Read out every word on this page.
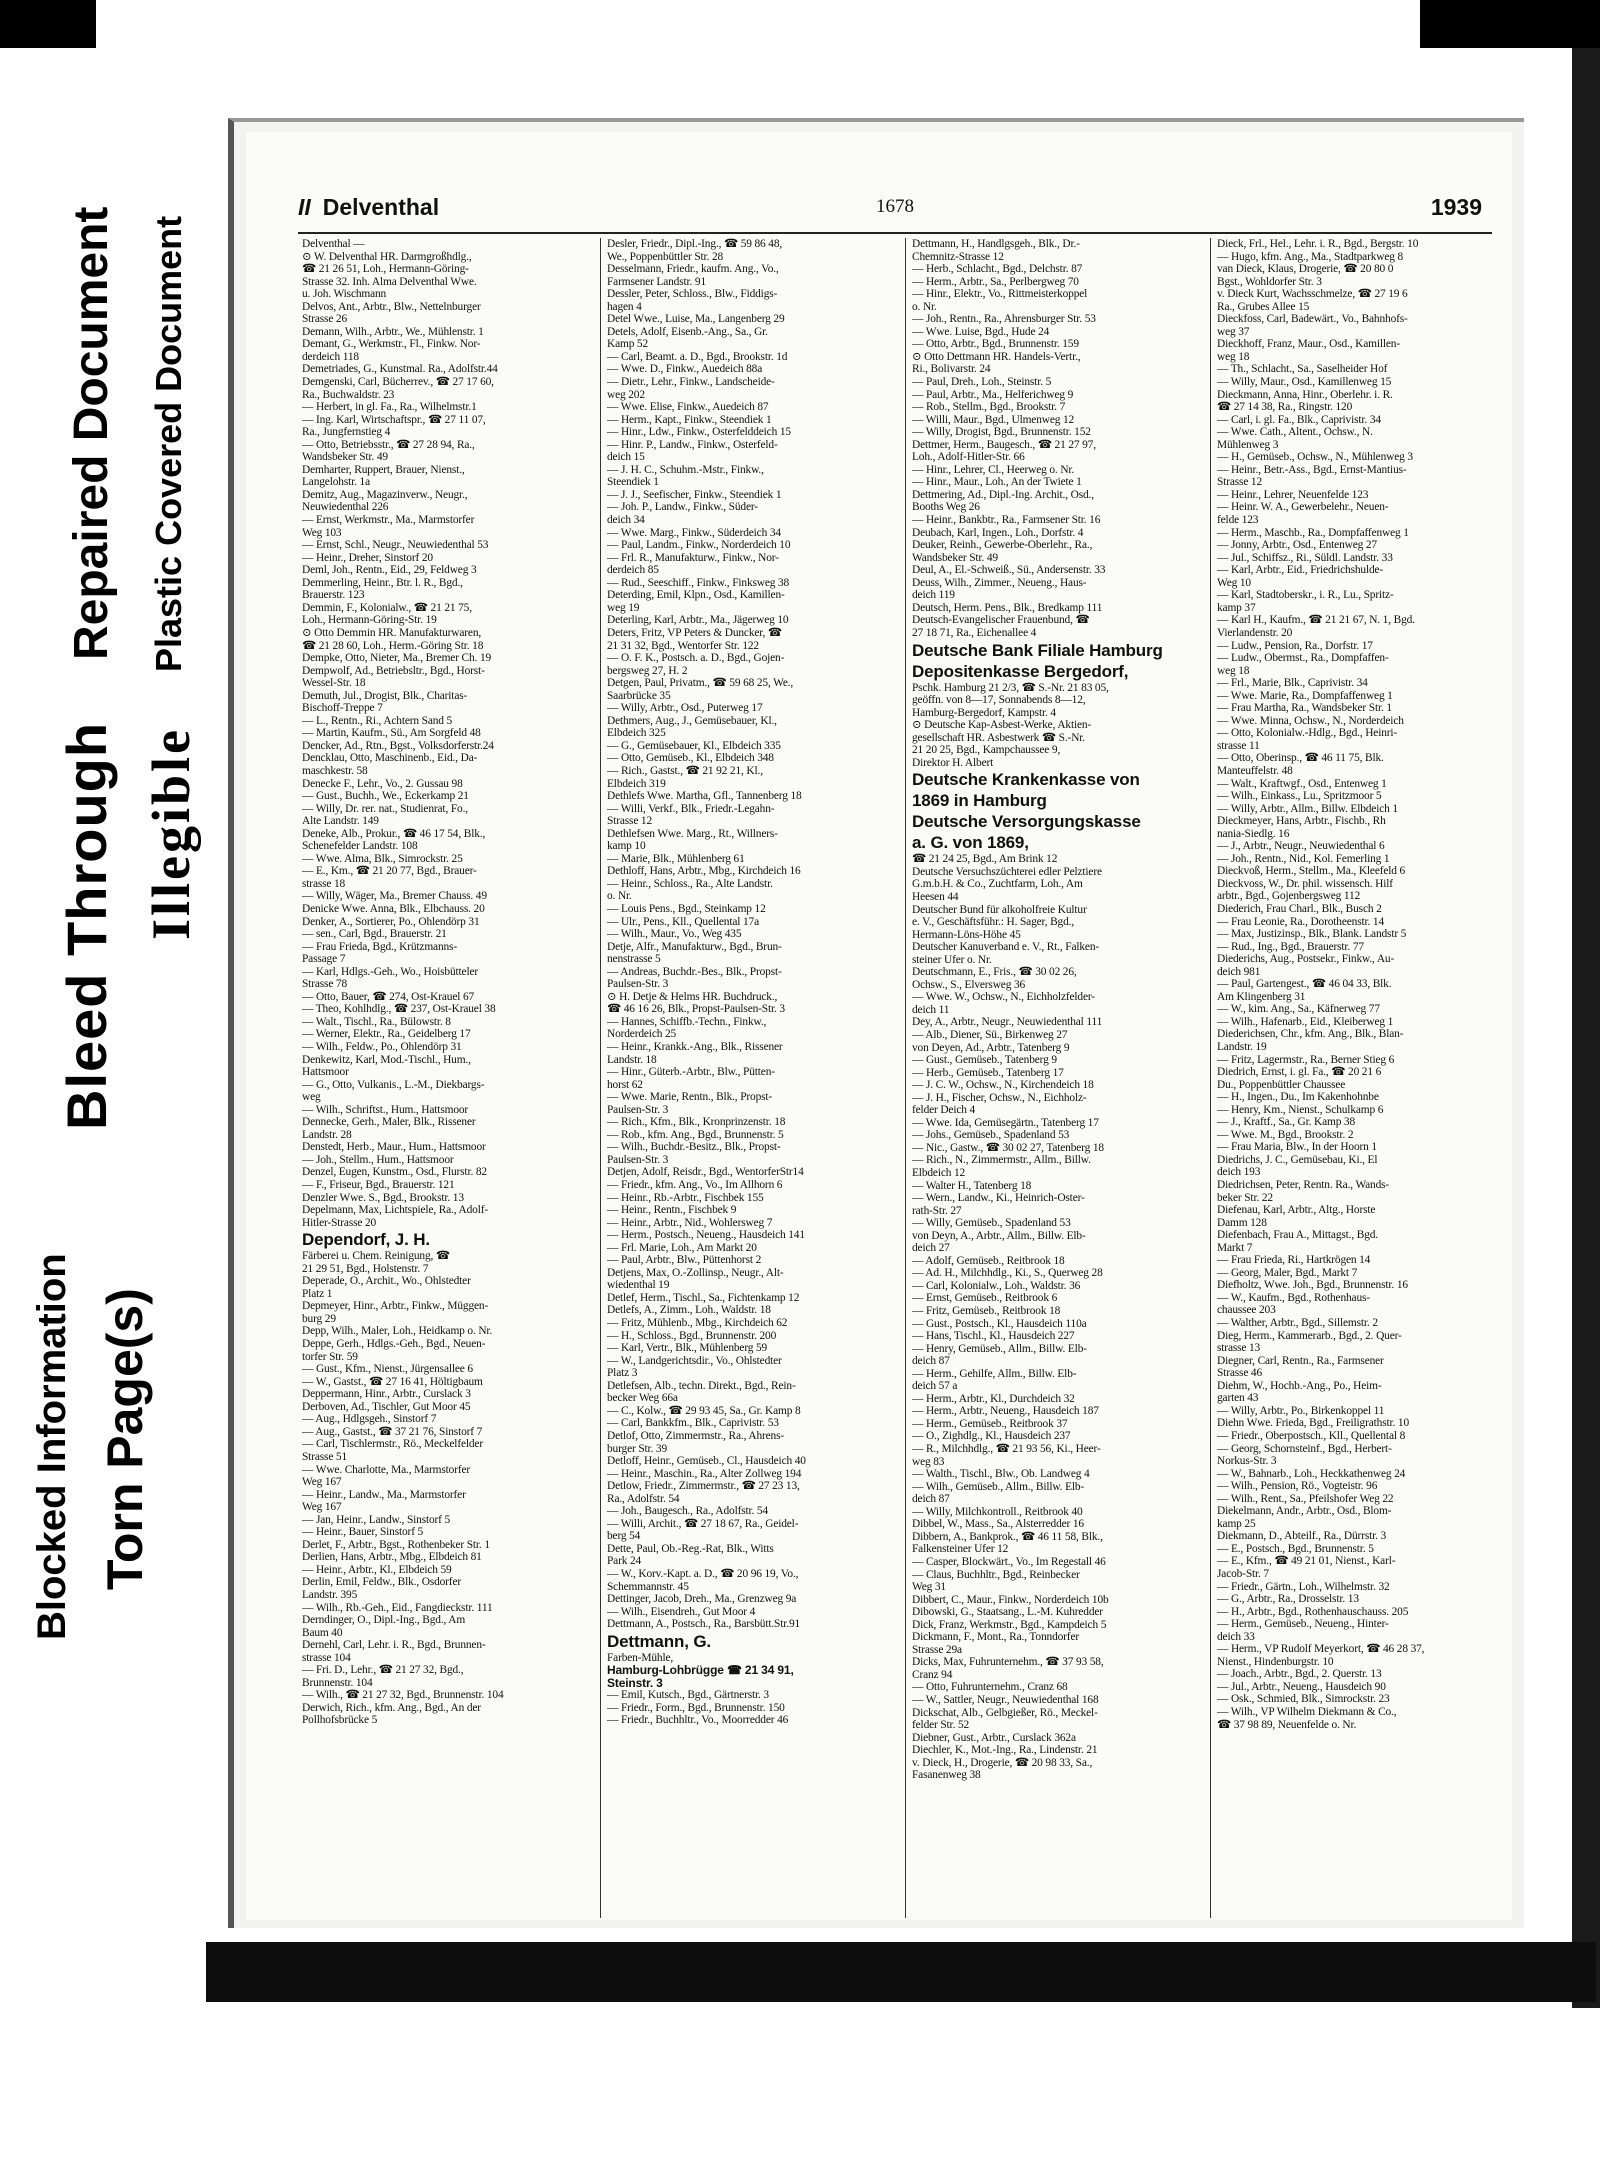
Blocked Information
Bleed Through
Torn Page(s)
Illegible
Repaired Document Plastic Covered Document
II Delventhal	1678	1939
Delventhal —
⊙ W. Delventhal HR. Darmgroßhdlg.,
☎ 21 26 51, Loh., Hermann-Göring-
Strasse 32. Inh. Alma Delventhal Wwe.
u. Joh. Wischmann
Delvos, Ant., Arbtr., Blw., Nettelnburger
Strasse 26
Demann, Wilh., Arbtr., We., Mühlenstr. 1
Demant, G., Werkmstr., Fl., Finkw. Nor-
derdeich 118
Demetriades, G., Kunstmal. Ra., Adolfstr.44
Demgenski, Carl, Bücherrev., ☎ 27 17 60,
Ra., Buchwaldstr. 23
— Herbert, in gl. Fa., Ra., Wilhelmstr.1
— Ing. Karl, Wirtschaftspr., ☎ 27 11 07,
Ra., Jungfernstieg 4
— Otto, Betriebsstr., ☎ 27 28 94, Ra.,
Wandsbeker Str. 49
Demharter, Ruppert, Brauer, Nienst.,
Langelohstr. 1a
Demitz, Aug., Magazinverw., Neugr.,
Neuwiedenthal 226
— Ernst, Werkmstr., Ma., Marmstorfer
Weg 103
— Ernst, Schl., Neugr., Neuwiedenthal 53
— Heinr., Dreher, Sinstorf 20
Deml, Joh., Rentn., Eid., 29, Feldweg 3
Demmerling, Heinr., Btr. l. R., Bgd.,
Brauerstr. 123
Demmin, F., Kolonialw., ☎ 21 21 75,
Loh., Hermann-Göring-Str. 19
⊙ Otto Demmin HR. Manufakturwaren,
☎ 21 28 60, Loh., Herm.-Göring Str. 18
Dempke, Otto, Nieter, Ma., Bremer Ch. 19
Dempwolf, Ad., Betriebsltr., Bgd., Horst-
Wessel-Str. 18
Demuth, Jul., Drogist, Blk., Charitas-
Bischoff-Treppe 7
— L., Rentn., Ri., Achtern Sand 5
— Martin, Kaufm., Sü., Am Sorgfeld 48
Dencker, Ad., Rtn., Bgst., Volksdorferstr.24
Dencklau, Otto, Maschinenb., Eid., Da-
maschkestr. 58
Denecke F., Lehr., Vo., 2. Gussau 98
— Gust., Buchh., We., Eckerkamp 21
— Willy, Dr. rer. nat., Studienrat, Fo.,
Alte Landstr. 149
Deneke, Alb., Prokur., ☎ 46 17 54, Blk.,
Schenefelder Landstr. 108
— Wwe. Alma, Blk., Simrockstr. 25
— E., Km., ☎ 21 20 77, Bgd., Brauer-
strasse 18
— Willy, Wäger, Ma., Bremer Chauss. 49
Denicke Wwe. Anna, Blk., Elbchauss. 20
Denker, A., Sortierer, Po., Ohlendörp 31
— sen., Carl, Bgd., Brauerstr. 21
— Frau Frieda, Bgd., Krützmanns-
Passage 7
— Karl, Hdlgs.-Geh., Wo., Hoisbütteler
Strasse 78
— Otto, Bauer, ☎ 274, Ost-Krauel 67
— Theo, Kohlhdlg., ☎ 237, Ost-Krauel 38
— Walt., Tischl., Ra., Bülowstr. 8
— Werner, Elektr., Ra., Geidelberg 17
— Wilh., Feldw., Po., Ohlendörp 31
Denkewitz, Karl, Mod.-Tischl., Hum.,
Hattsmoor
— G., Otto, Vulkanis., L.-M., Diekbargs-
weg
— Wilh., Schriftst., Hum., Hattsmoor
Dennecke, Gerh., Maler, Blk., Rissener
Landstr. 28
Denstedt, Herb., Maur., Hum., Hattsmoor
— Joh., Stellm., Hum., Hattsmoor
Denzel, Eugen, Kunstm., Osd., Flurstr. 82
— F., Friseur, Bgd., Brauerstr. 121
Denzler Wwe. S., Bgd., Brookstr. 13
Depelmann, Max, Lichtspiele, Ra., Adolf-
Hitler-Strasse 20
Dependorf, J. H.
Färberei u. Chem. Reinigung, ☎
21 29 51, Bgd., Holstenstr. 7
Deperade, O., Archit., Wo., Ohlstedter
Platz 1
Depmeyer, Hinr., Arbtr., Finkw., Müggen-
burg 29
Depp, Wilh., Maler, Loh., Heidkamp o. Nr.
Deppe, Gerh., Hdlgs.-Geh., Bgd., Neuen-
torfer Str. 59
— Gust., Kfm., Nienst., Jürgensallee 6
— W., Gastst., ☎ 27 16 41, Höltigbaum
Deppermann, Hinr., Arbtr., Curslack 3
Derboven, Ad., Tischler, Gut Moor 45
— Aug., Hdlgsgeh., Sinstorf 7
— Aug., Gastst., ☎ 37 21 76, Sinstorf 7
— Carl, Tischlermstr., Rö., Meckelfelder
Strasse 51
— Wwe. Charlotte, Ma., Marmstorfer
Weg 167
— Heinr., Landw., Ma., Marmstorfer
Weg 167
— Jan, Heinr., Landw., Sinstorf 5
— Heinr., Bauer, Sinstorf 5
Derlet, F., Arbtr., Bgst., Rothenbeker Str. 1
Derlien, Hans, Arbtr., Mbg., Elbdeich 81
— Heinr., Arbtr., Kl., Elbdeich 59
Derlin, Emil, Feldw., Blk., Osdorfer
Landstr. 395
— Wilh., Rb.-Geh., Eid., Fangdieckstr. 111
Derndinger, O., Dipl.-Ing., Bgd., Am
Baum 40
Dernehl, Carl, Lehr. i. R., Bgd., Brunnen-
strasse 104
— Fri. D., Lehr., ☎ 21 27 32, Bgd.,
Brunnenstr. 104
— Wilh., ☎ 21 27 32, Bgd., Brunnenstr. 104
Derwich, Rich., kfm. Ang., Bgd., An der
Pollhofsbrücke 5
Desler, Friedr., Dipl.-Ing., ☎ 59 86 48,
We., Poppenbüttler Str. 28
Desselmann, Friedr., kaufm. Ang., Vo.,
Farmsener Landstr. 91
Dessler, Peter, Schloss., Blw., Fiddigs-
hagen 4
Detel Wwe., Luise, Ma., Langenberg 29
Detels, Adolf, Eisenb.-Ang., Sa., Gr.
Kamp 52
— Carl, Beamt. a. D., Bgd., Brookstr. 1d
— Wwe. D., Finkw., Auedeich 88a
— Dietr., Lehr., Finkw., Landscheide-
weg 202
— Wwe. Elise, Finkw., Auedeich 87
— Herm., Kapt., Finkw., Steendiek 1
— Hinr., Ldw., Finkw., Osterfelddeich 15
— Hinr. P., Landw., Finkw., Osterfeld-
deich 15
— J. H. C., Schuhm.-Mstr., Finkw.,
Steendiek 1
— J. J., Seefischer, Finkw., Steendiek 1
— Joh. P., Landw., Finkw., Süder-
deich 34
— Wwe. Marg., Finkw., Süderdeich 34
— Paul, Landm., Finkw., Norderdeich 10
— Frl. R., Manufakturw., Finkw., Nor-
derdeich 85
— Rud., Seeschiff., Finkw., Finksweg 38
Deterding, Emil, Klpn., Osd., Kamillen-
weg 19
Deterling, Karl, Arbtr., Ma., Jägerweg 10
Deters, Fritz, VP Peters & Duncker, ☎
21 31 32, Bgd., Wentorfer Str. 122
— O. F. K., Postsch. a. D., Bgd., Gojen-
bergsweg 27, H. 2
Detgen, Paul, Privatm., ☎ 59 68 25, We.,
Saarbrücke 35
— Willy, Arbtr., Osd., Puterweg 17
Dethmers, Aug., J., Gemüsebauer, Kl.,
Elbdeich 325
— G., Gemüsebauer, Kl., Elbdeich 335
— Otto, Gemüseb., Kl., Elbdeich 348
— Rich., Gastst., ☎ 21 92 21, Kl.,
Elbdeich 319
Dethlefs Wwe. Martha, Gfl., Tannenberg 18
— Willi, Verkf., Blk., Friedr.-Legahn-
Strasse 12
Dethlefsen Wwe. Marg., Rt., Willners-
kamp 10
— Marie, Blk., Mühlenberg 61
Dethloff, Hans, Arbtr., Mbg., Kirchdeich 16
— Heinr., Schloss., Ra., Alte Landstr.
o. Nr.
— Louis Pens., Bgd., Steinkamp 12
— Ulr., Pens., Kll., Quellental 17a
— Wilh., Maur., Vo., Weg 435
Detje, Alfr., Manufakturw., Bgd., Brun-
nenstrasse 5
— Andreas, Buchdr.-Bes., Blk., Propst-
Paulsen-Str. 3
⊙ H. Detje & Helms HR. Buchdruck.,
☎ 46 16 26, Blk., Propst-Paulsen-Str. 3
— Hannes, Schiffb.-Techn., Finkw.,
Norderdeich 25
— Heinr., Krankk.-Ang., Blk., Rissener
Landstr. 18
— Hinr., Güterb.-Arbtr., Blw., Pütten-
horst 62
— Wwe. Marie, Rentn., Blk., Propst-
Paulsen-Str. 3
— Rich., Kfm., Blk., Kronprinzenstr. 18
— Rob., kfm. Ang., Bgd., Brunnenstr. 5
— Wilh., Buchdr.-Besitz., Blk., Propst-
Paulsen-Str. 3
Detjen, Adolf, Reisdr., Bgd., WentorferStr14
— Friedr., kfm. Ang., Vo., Im Allhorn 6
— Heinr., Rb.-Arbtr., Fischbek 155
— Heinr., Rentn., Fischbek 9
— Heinr., Arbtr., Nid., Wohlersweg 7
— Herm., Postsch., Neueng., Hausdeich 141
— Frl. Marie, Loh., Am Markt 20
— Paul, Arbtr., Blw., Püttenhorst 2
Detjens, Max, O.-Zollinsp., Neugr., Alt-
wiedenthal 19
Detlef, Herm., Tischl., Sa., Fichtenkamp 12
Detlefs, A., Zimm., Loh., Waldstr. 18
— Fritz, Mühlenb., Mbg., Kirchdeich 62
— H., Schloss., Bgd., Brunnenstr. 200
— Karl, Vertr., Blk., Mühlenberg 59
— W., Landgerichtsdir., Vo., Ohlstedter
Platz 3
Detlefsen, Alb., techn. Direkt., Bgd., Rein-
becker Weg 66a
— C., Kolw., ☎ 29 93 45, Sa., Gr. Kamp 8
— Carl, Bankkfm., Blk., Caprivistr. 53
Detlof, Otto, Zimmermstr., Ra., Ahrens-
burger Str. 39
Detloff, Heinr., Gemüseb., Cl., Hausdeich 40
— Heinr., Maschin., Ra., Alter Zollweg 194
Detlow, Friedr., Zimmermstr., ☎ 27 23 13,
Ra., Adolfstr. 54
— Joh., Baugesch., Ra., Adolfstr. 54
— Willi, Archit., ☎ 27 18 67, Ra., Geidel-
berg 54
Dette, Paul, Ob.-Reg.-Rat, Blk., Witts
Park 24
— W., Korv.-Kapt. a. D., ☎ 20 96 19, Vo.,
Schemmannstr. 45
Dettinger, Jacob, Dreh., Ma., Grenzweg 9a
— Wilh., Eisendreh., Gut Moor 4
Dettmann, A., Postsch., Ra., Barsbütt.Str.91
Dettmann, G.
Farben-Mühle,
Hamburg-Lohbrügge ☎ 21 34 91,
Steinstr. 3
— Emil, Kutsch., Bgd., Gärtnerstr. 3
— Friedr., Form., Bgd., Brunnenstr. 150
— Friedr., Buchhltr., Vo., Moorredder 46
Dettmann, H., Handlgsgeh., Blk., Dr.-
Chemnitz-Strasse 12
— Herb., Schlacht., Bgd., Delchstr. 87
— Herm., Arbtr., Sa., Perlbergweg 70
— Hinr., Elektr., Vo., Rittmeisterkoppel
o. Nr.
— Joh., Rentn., Ra., Ahrensburger Str. 53
— Wwe. Luise, Bgd., Hude 24
— Otto, Arbtr., Bgd., Brunnenstr. 159
⊙ Otto Dettmann HR. Handels-Vertr.,
Ri., Bolivarstr. 24
— Paul, Dreh., Loh., Steinstr. 5
— Paul, Arbtr., Ma., Helferichweg 9
— Rob., Stellm., Bgd., Brookstr. 7
— Willi, Maur., Bgd., Ulmenweg 12
— Willy, Drogist, Bgd., Brunnenstr. 152
Dettmer, Herm., Baugesch., ☎ 21 27 97,
Loh., Adolf-Hitler-Str. 66
— Hinr., Lehrer, Cl., Heerweg o. Nr.
— Hinr., Maur., Loh., An der Twiete 1
Dettmering, Ad., Dipl.-Ing. Archit., Osd.,
Booths Weg 26
— Heinr., Bankbtr., Ra., Farmsener Str. 16
Deubach, Karl, Ingen., Loh., Dorfstr. 4
Deuker, Reinh., Gewerbe-Oberlehr., Ra.,
Wandsbeker Str. 49
Deul, A., El.-Schweiß., Sü., Andersenstr. 33
Deuss, Wilh., Zimmer., Neueng., Haus-
deich 119
Deutsch, Herm. Pens., Blk., Bredkamp 111
Deutsch-Evangelischer Frauenbund, ☎
27 18 71, Ra., Eichenallee 4
Deutsche Bank Filiale Hamburg
Depositenkasse Bergedorf,
Pschk. Hamburg 21 2/3, ☎ S.-Nr. 21 83 05,
geöffn. von 8—17, Sonnabends 8—12,
Hamburg-Bergedorf, Kampstr. 4
⊙ Deutsche Kap-Asbest-Werke, Aktien-
gesellschaft HR. Asbestwerk ☎ S.-Nr.
21 20 25, Bgd., Kampchaussee 9,
Direktor H. Albert
Deutsche Krankenkasse von
1869 in Hamburg
Deutsche Versorgungskasse
a. G. von 1869,
☎ 21 24 25, Bgd., Am Brink 12
Deutsche Versuchszüchterei edler Pelztiere
G.m.b.H. & Co., Zuchtfarm, Loh., Am
Heesen 44
Deutscher Bund für alkoholfreie Kultur
e. V., Geschäftsführ.: H. Sager, Bgd.,
Hermann-Löns-Höhe 45
Deutscher Kanuverband e. V., Rt., Falken-
steiner Ufer o. Nr.
Deutschmann, E., Fris., ☎ 30 02 26,
Ochsw., S., Elversweg 36
— Wwe. W., Ochsw., N., Eichholzfelder-
deich 11
Dey, A., Arbtr., Neugr., Neuwiedenthal 111
— Alb., Diener, Sü., Birkenweg 27
von Deyen, Ad., Arbtr., Tatenberg 9
— Gust., Gemüseb., Tatenberg 9
— Herb., Gemüseb., Tatenberg 17
— J. C. W., Ochsw., N., Kirchendeich 18
— J. H., Fischer, Ochsw., N., Eichholz-
felder Deich 4
— Wwe. Ida, Gemüsegärtn., Tatenberg 17
— Johs., Gemüseb., Spadenland 53
— Nic., Gastw., ☎ 30 02 27, Tatenberg 18
— Rich., N., Zimmermstr., Allm., Billw.
Elbdeich 12
— Walter H., Tatenberg 18
— Wern., Landw., Ki., Heinrich-Oster-
rath-Str. 27
— Willy, Gemüseb., Spadenland 53
von Deyn, A., Arbtr., Allm., Billw. Elb-
deich 27
— Adolf, Gemüseb., Reitbrook 18
— Ad. H., Milchhdlg., Ki., S., Querweg 28
— Carl, Kolonialw., Loh., Waldstr. 36
— Ernst, Gemüseb., Reitbrook 6
— Fritz, Gemüseb., Reitbrook 18
— Gust., Postsch., Kl., Hausdeich 110a
— Hans, Tischl., Kl., Hausdeich 227
— Henry, Gemüseb., Allm., Billw. Elb-
deich 87
— Herm., Gehilfe, Allm., Billw. Elb-
deich 57 a
— Herm., Arbtr., Kl., Durchdeich 32
— Herm., Arbtr., Neueng., Hausdeich 187
— Herm., Gemüseb., Reitbrook 37
— O., Zighdlg., Kl., Hausdeich 237
— R., Milchhdlg., ☎ 21 93 56, Ki., Heer-
weg 83
— Walth., Tischl., Blw., Ob. Landweg 4
— Wilh., Gemüseb., Allm., Billw. Elb-
deich 87
— Willy, Milchkontroll., Reitbrook 40
Dibbel, W., Mass., Sa., Alsterredder 16
Dibbern, A., Bankprok., ☎ 46 11 58, Blk.,
Falkensteiner Ufer 12
— Casper, Blockwärt., Vo., Im Regestall 46
— Claus, Buchhltr., Bgd., Reinbecker
Weg 31
Dibbert, C., Maur., Finkw., Norderdeich 10b
Dibowski, G., Staatsang., L.-M. Kuhredder
Dick, Franz, Werkmstr., Bgd., Kampdeich 5
Dickmann, F., Mont., Ra., Tonndorfer
Strasse 29a
Dicks, Max, Fuhrunternehm., ☎ 37 93 58,
Cranz 94
— Otto, Fuhrunternehm., Cranz 68
— W., Sattler, Neugr., Neuwiedenthal 168
Dickschat, Alb., Gelbgießer, Rö., Meckel-
felder Str. 52
Diebner, Gust., Arbtr., Curslack 362a
Diechler, K., Mot.-Ing., Ra., Lindenstr. 21
v. Dieck, H., Drogerie, ☎ 20 98 33, Sa.,
Fasanenweg 38
Dieck, Frl., Hel., Lehr. i. R., Bgd., Bergstr. 10
— Hugo, kfm. Ang., Ma., Stadtparkweg 8
van Dieck, Klaus, Drogerie, ☎ 20 80 0
Bgst., Wohldorfer Str. 3
v. Dieck Kurt, Wachsschmelze, ☎ 27 19 6
Ra., Grubes Allee 15
Dieckfoss, Carl, Badewärt., Vo., Bahnhofs-
weg 37
Dieckhoff, Franz, Maur., Osd., Kamillen-
weg 18
— Th., Schlacht., Sa., Saselheider Hof
— Willy, Maur., Osd., Kamillenweg 15
Dieckmann, Anna, Hinr., Oberlehr. i. R.
☎ 27 14 38, Ra., Ringstr. 120
— Carl, i. gl. Fa., Blk., Caprivistr. 34
— Wwe. Cath., Altent., Ochsw., N.
Mühlenweg 3
— H., Gemüseb., Ochsw., N., Mühlenweg 3
— Heinr., Betr.-Ass., Bgd., Ernst-Mantius-
Strasse 12
— Heinr., Lehrer, Neuenfelde 123
— Heinr. W. A., Gewerbelehr., Neuen-
felde 123
— Herm., Maschb., Ra., Dompfaffenweg 1
— Jonny, Arbtr., Osd., Entenweg 27
— Jul., Schiffsz., Ri., Süldl. Landstr. 33
— Karl, Arbtr., Eid., Friedrichshulde-
Weg 10
— Karl, Stadtoberskr., i. R., Lu., Spritz-
kamp 37
— Karl H., Kaufm., ☎ 21 21 67, N. 1, Bgd.
Vierlandenstr. 20
— Ludw., Pension, Ra., Dorfstr. 17
— Ludw., Obermst., Ra., Dompfaffen-
weg 18
— Frl., Marie, Blk., Caprivistr. 34
— Wwe. Marie, Ra., Dompfaffenweg 1
— Frau Martha, Ra., Wandsbeker Str. 1
— Wwe. Minna, Ochsw., N., Norderdeich
— Otto, Kolonialw.-Hdlg., Bgd., Heinri-
strasse 11
— Otto, Oberinsp., ☎ 46 11 75, Blk.
Manteuffelstr. 48
— Walt., Kraftwgf., Osd., Entenweg 1
— Wilh., Einkass., Lu., Spritzmoor 5
— Willy, Arbtr., Allm., Billw. Elbdeich 1
Dieckmeyer, Hans, Arbtr., Fischb., Rh
nania-Siedlg. 16
— J., Arbtr., Neugr., Neuwiedenthal 6
— Joh., Rentn., Nid., Kol. Femerling 1
Dieckvoß, Herm., Stellm., Ma., Kleefeld 6
Dieckvoss, W., Dr. phil. wissensch. Hilf
arbtr., Bgd., Gojenbergsweg 112
Diederich, Frau Charl., Blk., Busch 2
— Frau Leonie, Ra., Dorotheenstr. 14
— Max, Justizinsp., Blk., Blank. Landstr 5
— Rud., Ing., Bgd., Brauerstr. 77
Diederichs, Aug., Postsekr., Finkw., Au-
deich 981
— Paul, Gartengest., ☎ 46 04 33, Blk.
Am Klingenberg 31
— W., kim. Ang., Sa., Käfnerweg 77
— Wilh., Hafenarb., Eid., Kleiberweg 1
Diederichsen, Chr., kfm. Ang., Blk., Blan-
Landstr. 19
— Fritz, Lagermstr., Ra., Berner Stieg 6
Diedrich, Ernst, i. gl. Fa., ☎ 20 21 6
Du., Poppenbüttler Chaussee
— H., Ingen., Du., Im Kakenhohnbe
— Henry, Km., Nienst., Schulkamp 6
— J., Kraftf., Sa., Gr. Kamp 38
— Wwe. M., Bgd., Brookstr. 2
— Frau Maria, Blw., In der Hoorn 1
Diedrichs, J. C., Gemüsebau, Ki., El
deich 193
Diedrichsen, Peter, Rentn. Ra., Wands-
beker Str. 22
Diefenau, Karl, Arbtr., Altg., Horste
Damm 128
Diefenbach, Frau A., Mittagst., Bgd.
Markt 7
— Frau Frieda, Ri., Hartkrögen 14
— Georg, Maler, Bgd., Markt 7
Diefholtz, Wwe. Joh., Bgd., Brunnenstr. 16
— W., Kaufm., Bgd., Rothenhaus-
chaussee 203
— Walther, Arbtr., Bgd., Sillemstr. 2
Dieg, Herm., Kammerarb., Bgd., 2. Quer-
strasse 13
Diegner, Carl, Rentn., Ra., Farmsener
Strasse 46
Diehm, W., Hochb.-Ang., Po., Heim-
garten 43
— Willy, Arbtr., Po., Birkenkoppel 11
Diehn Wwe. Frieda, Bgd., Freiligrathstr. 10
— Friedr., Oberpostsch., Kll., Quellental 8
— Georg, Schornsteinf., Bgd., Herbert-
Norkus-Str. 3
— W., Bahnarb., Loh., Heckkathenweg 24
— Wilh., Pension, Rö., Vogteistr. 96
— Wilh., Rent., Sa., Pfeilshofer Weg 22
Diekelmann, Andr., Arbtr., Osd., Blom-
kamp 25
Diekmann, D., Abteilf., Ra., Dürrstr. 3
— E., Postsch., Bgd., Brunnenstr. 5
— E., Kfm., ☎ 49 21 01, Nienst., Karl-
Jacob-Str. 7
— Friedr., Gärtn., Loh., Wilhelmstr. 32
— G., Arbtr., Ra., Drosselstr. 13
— H., Arbtr., Bgd., Rothenhauschauss. 205
— Herm., Gemüseb., Neueng., Hinter-
deich 33
— Herm., VP Rudolf Meyerkort, ☎ 46 28 37,
Nienst., Hindenburgstr. 10
— Joach., Arbtr., Bgd., 2. Querstr. 13
— Jul., Arbtr., Neueng., Hausdeich 90
— Osk., Schmied, Blk., Simrockstr. 23
— Wilh., VP Wilhelm Diekmann & Co.,
☎ 37 98 89, Neuenfelde o. Nr.
